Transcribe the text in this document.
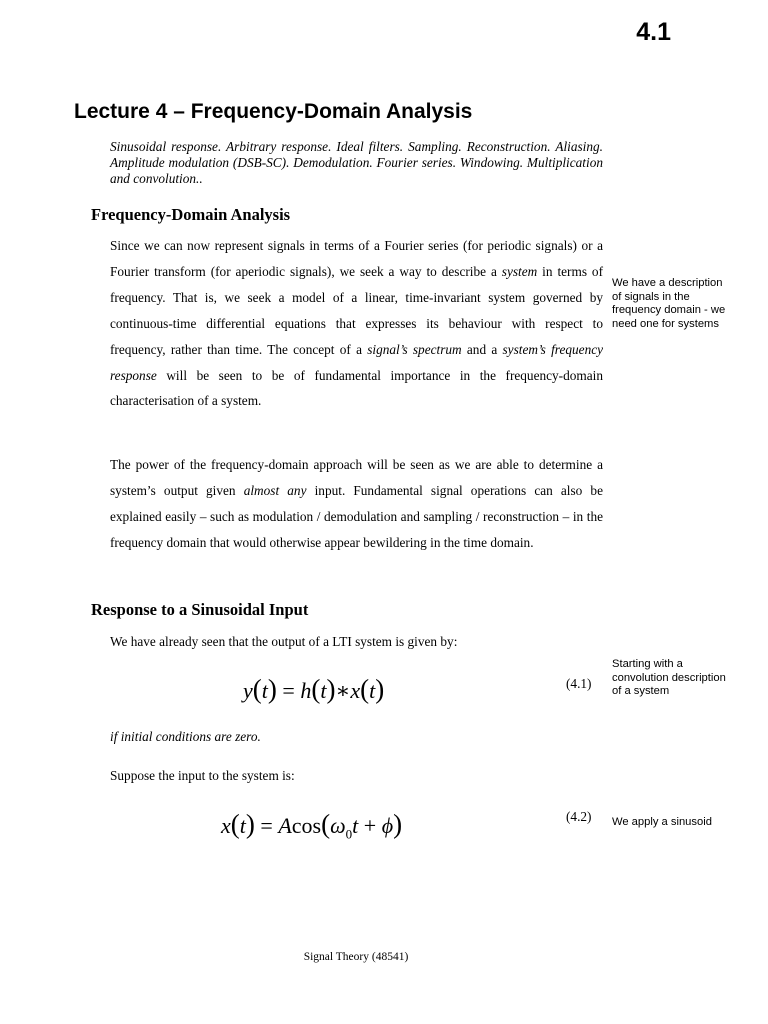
4.1
Lecture 4 – Frequency-Domain Analysis

Sinusoidal response. Arbitrary response. Ideal filters. Sampling. Reconstruction. Aliasing. Amplitude modulation (DSB-SC). Demodulation. Fourier series. Windowing. Multiplication and convolution..

Frequency-Domain Analysis

Since we can now represent signals in terms of a Fourier series (for periodic signals) or a Fourier transform (for aperiodic signals), we seek a way to describe a system in terms of frequency. That is, we seek a model of a linear, time-invariant system governed by continuous-time differential equations that expresses its behaviour with respect to frequency, rather than time. The concept of a signal’s spectrum and a system’s frequency response will be seen to be of fundamental importance in the frequency-domain characterisation of a system.

We have a description of signals in the frequency domain - we need one for systems

The power of the frequency-domain approach will be seen as we are able to determine a system’s output given almost any input. Fundamental signal operations can also be explained easily – such as modulation / demodulation and sampling / reconstruction – in the frequency domain that would otherwise appear bewildering in the time domain.

Response to a Sinusoidal Input

We have already seen that the output of a LTI system is given by:

y(t) = h(t)∗x(t)	(4.1)

Starting with a convolution description of a system

if initial conditions are zero.

Suppose the input to the system is:

$x(t) = Acos(\omega_0t + \phi)$	(4.2) We apply a sinusoid

Signal Theory (48541)
